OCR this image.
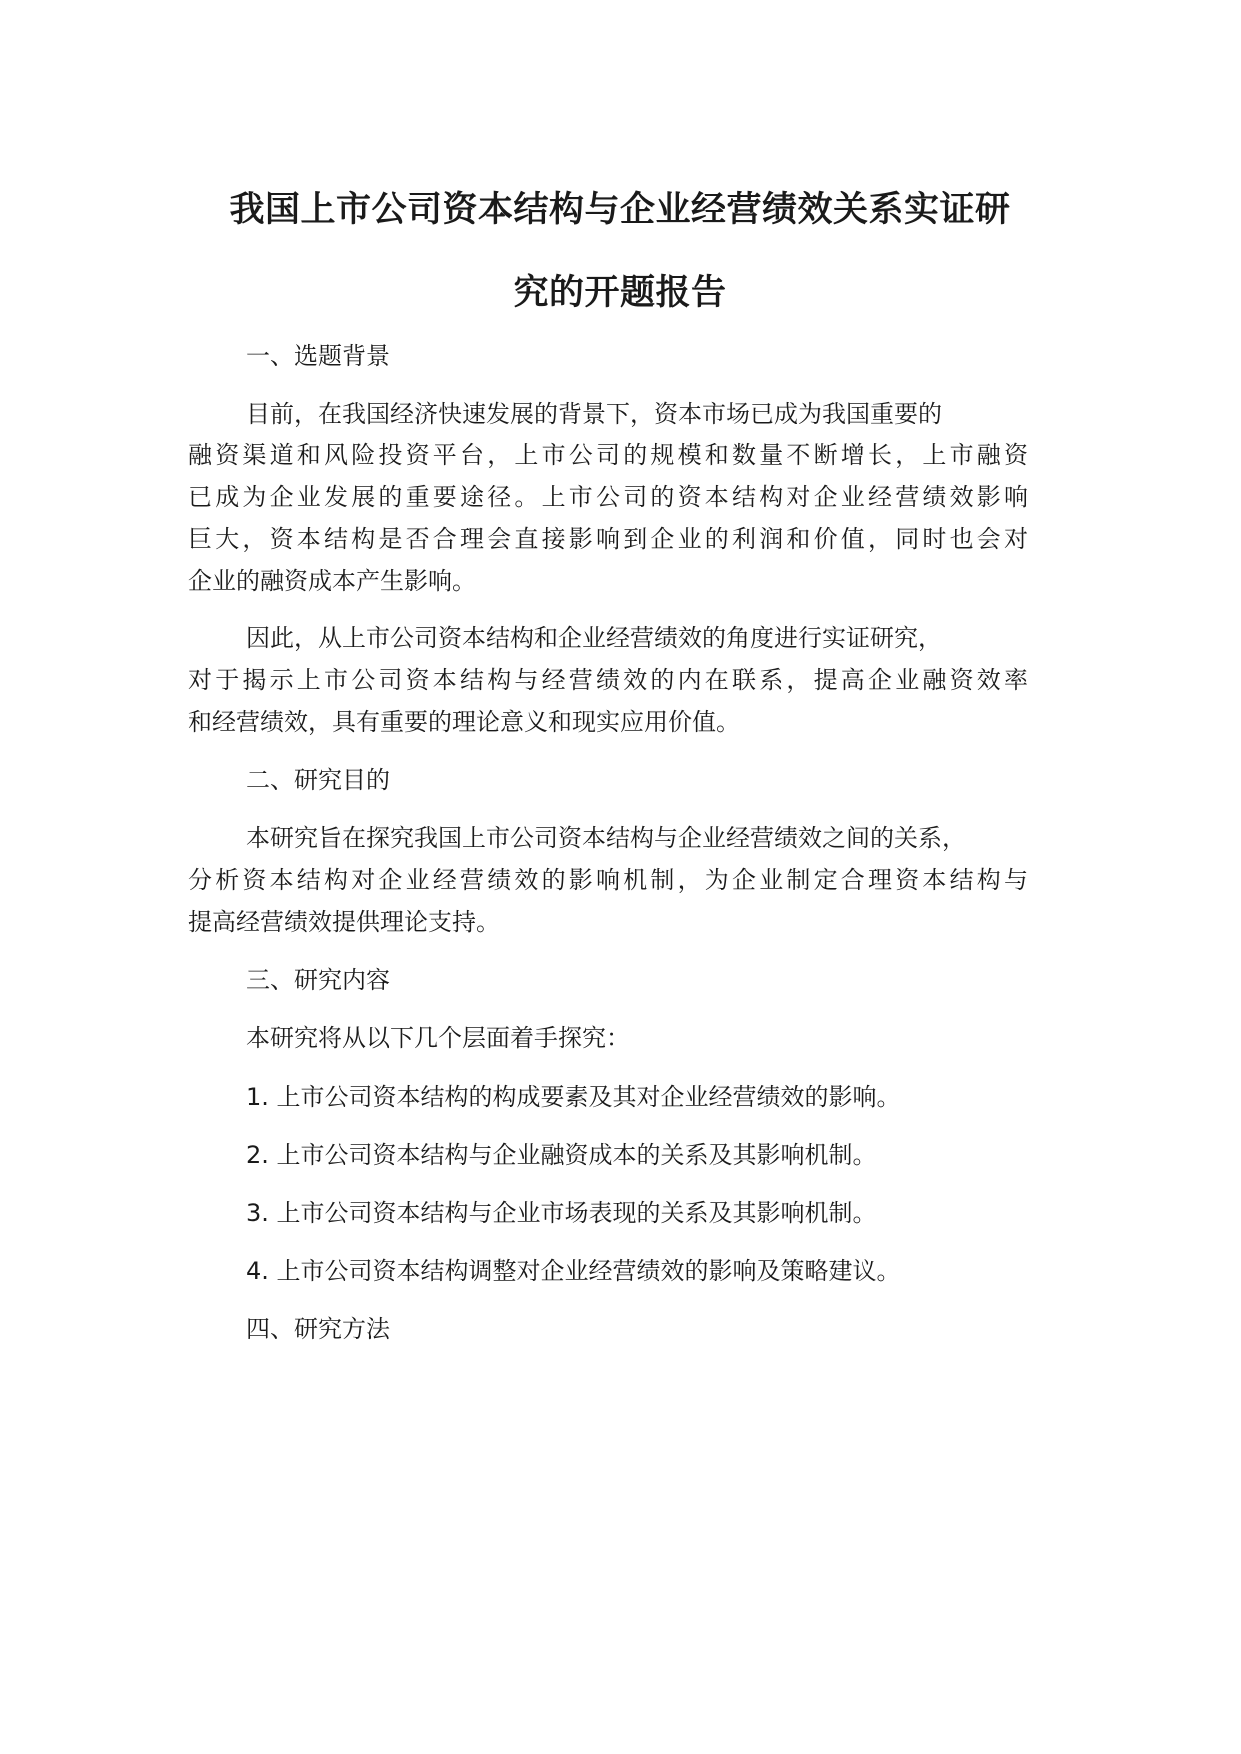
我国上市公司资本结构与企业经营绩效关系实证研
究的开题报告
一、选题背景
目前，在我国经济快速发展的背景下，资本市场已成为我国重要的
融资渠道和风险投资平台，上市公司的规模和数量不断增长，上市融资
已成为企业发展的重要途径。上市公司的资本结构对企业经营绩效影响
巨大，资本结构是否合理会直接影响到企业的利润和价值，同时也会对
企业的融资成本产生影响。
因此，从上市公司资本结构和企业经营绩效的角度进行实证研究，
对于揭示上市公司资本结构与经营绩效的内在联系，提高企业融资效率
和经营绩效，具有重要的理论意义和现实应用价值。
二、研究目的
本研究旨在探究我国上市公司资本结构与企业经营绩效之间的关系，
分析资本结构对企业经营绩效的影响机制，为企业制定合理资本结构与
提高经营绩效提供理论支持。
三、研究内容
本研究将从以下几个层面着手探究：
1. 上市公司资本结构的构成要素及其对企业经营绩效的影响。
2. 上市公司资本结构与企业融资成本的关系及其影响机制。
3. 上市公司资本结构与企业市场表现的关系及其影响机制。
4. 上市公司资本结构调整对企业经营绩效的影响及策略建议。
四、研究方法
